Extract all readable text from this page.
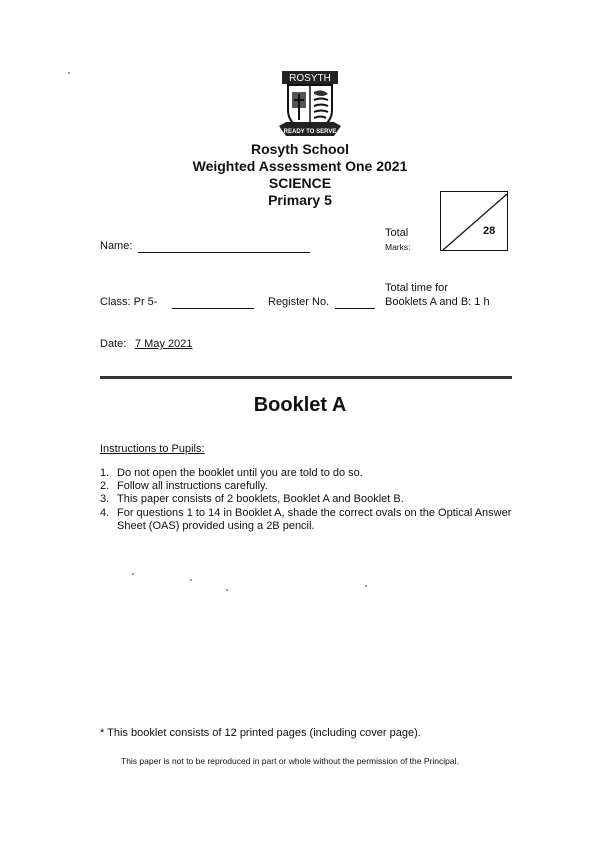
ROSYTH
READY TO SERVE
Rosyth School
Weighted Assessment One 2021
SCIENCE
Primary 5
Total
Marks:
28
Name:
Total time for
Booklets A and B: 1 h
Class: Pr 5-	Register No.
Date: 7 May 2021
Booklet A
Instructions to Pupils:
1. Do not open the booklet until you are told to do so.
2. Follow all instructions carefully.
3. This paper consists of 2 booklets, Booklet A and Booklet B.
4. For questions 1 to 14 in Booklet A, shade the correct ovals on the Optical Answer Sheet (OAS) provided using a 2B pencil.
* This booklet consists of 12 printed pages (including cover page).
This paper is not to be reproduced in part or whole without the permission of the Principal.
